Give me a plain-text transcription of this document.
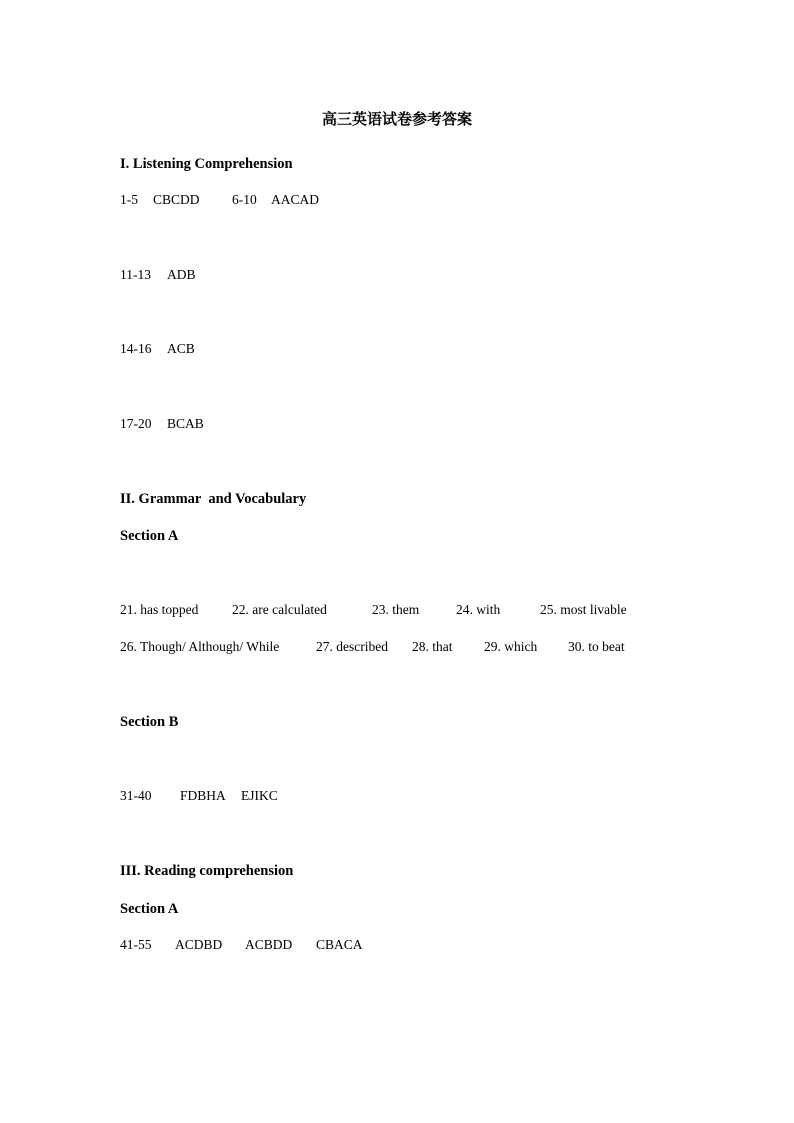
高三英语试卷参考答案
I. Listening Comprehension
1-5 CBCDD 6-10 AACAD
11-13 ADB
14-16 ACB
17-20 BCAB
II. Grammar  and Vocabulary
Section A
21. has topped 22. are calculated	23. them	24. with	25. most livable
26. Though/ Although/ While	27. described 28. that 29. which 30. to beat
Section B
31-40 FDBHA EJIKC
III. Reading comprehension
Section A
41-55 ACDBD ACBDD CBACA
